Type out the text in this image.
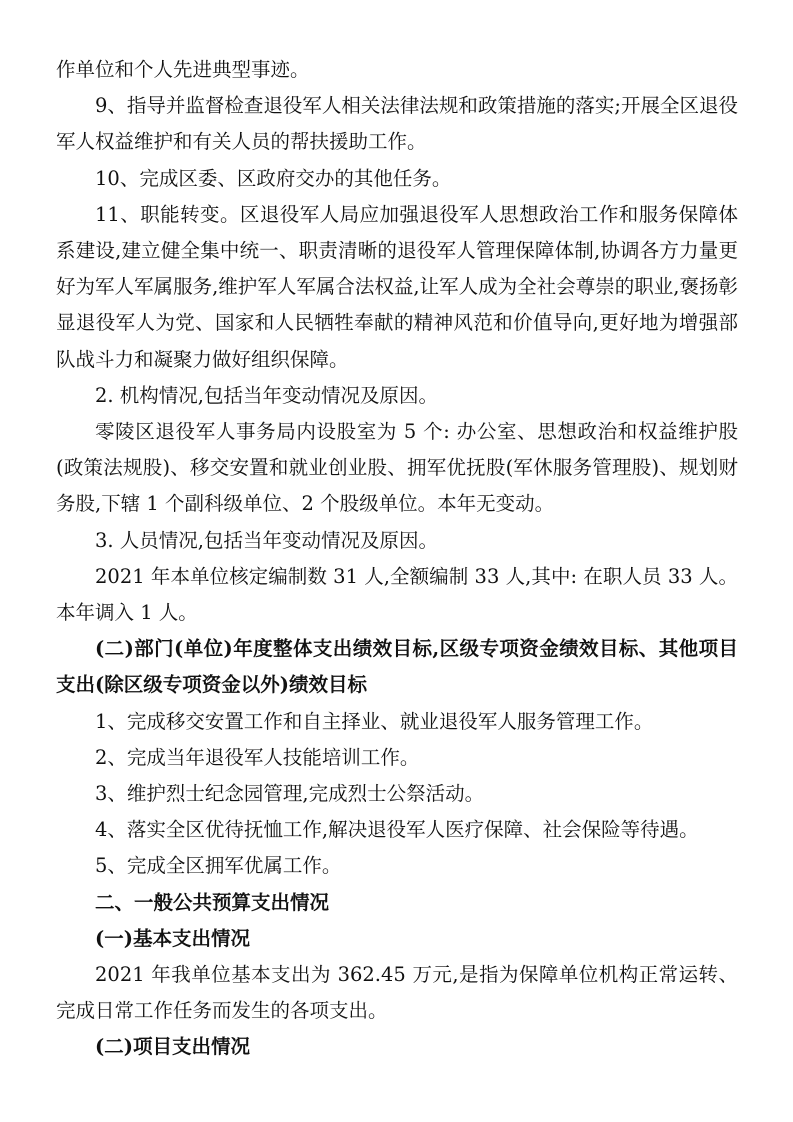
作单位和个人先进典型事迹。

9、指导并监督检查退役军人相关法律法规和政策措施的落实;开展全区退役军人权益维护和有关人员的帮扶援助工作。

10、完成区委、区政府交办的其他任务。

11、职能转变。区退役军人局应加强退役军人思想政治工作和服务保障体系建设,建立健全集中统一、职责清晰的退役军人管理保障体制,协调各方力量更好为军人军属服务,维护军人军属合法权益,让军人成为全社会尊崇的职业,褒扬彰显退役军人为党、国家和人民牺牲奉献的精神风范和价值导向,更好地为增强部队战斗力和凝聚力做好组织保障。

2. 机构情况,包括当年变动情况及原因。

零陵区退役军人事务局内设股室为 5 个: 办公室、思想政治和权益维护股(政策法规股)、移交安置和就业创业股、拥军优抚股(军休服务管理股)、规划财务股,下辖 1 个副科级单位、2 个股级单位。本年无变动。

3. 人员情况,包括当年变动情况及原因。

2021 年本单位核定编制数 31 人,全额编制 33 人,其中: 在职人员 33 人。本年调入 1 人。

(二)部门(单位)年度整体支出绩效目标,区级专项资金绩效目标、其他项目支出(除区级专项资金以外)绩效目标

1、完成移交安置工作和自主择业、就业退役军人服务管理工作。

2、完成当年退役军人技能培训工作。

3、维护烈士纪念园管理,完成烈士公祭活动。

4、落实全区优待抚恤工作,解决退役军人医疗保障、社会保险等待遇。

5、完成全区拥军优属工作。

二、一般公共预算支出情况

(一)基本支出情况

2021 年我单位基本支出为 362.45 万元,是指为保障单位机构正常运转、完成日常工作任务而发生的各项支出。

(二)项目支出情况
